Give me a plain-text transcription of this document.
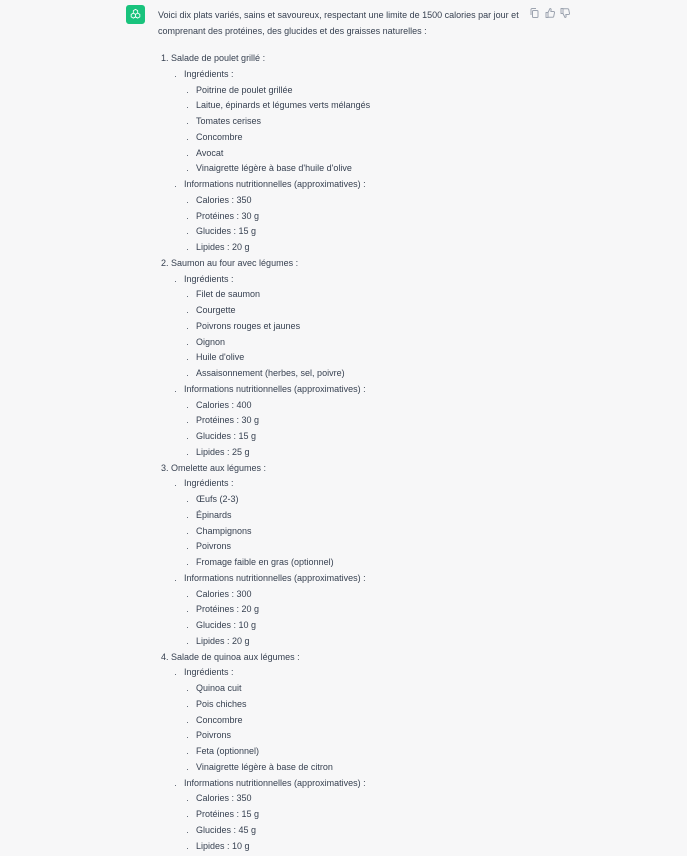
Voici dix plats variés, sains et savoureux, respectant une limite de 1500 calories par jour et comprenant des protéines, des glucides et des graisses naturelles :

1. Salade de poulet grillé :
• Ingrédients :
• Poitrine de poulet grillée
• Laitue, épinards et légumes verts mélangés
• Tomates cerises
• Concombre
• Avocat
• Vinaigrette légère à base d'huile d'olive
• Informations nutritionnelles (approximatives) :
• Calories : 350
• Protéines : 30 g
• Glucides : 15 g
• Lipides : 20 g
2. Saumon au four avec légumes :
• Ingrédients :
• Filet de saumon
• Courgette
• Poivrons rouges et jaunes
• Oignon
• Huile d'olive
• Assaisonnement (herbes, sel, poivre)
• Informations nutritionnelles (approximatives) :
• Calories : 400
• Protéines : 30 g
• Glucides : 15 g
• Lipides : 25 g
3. Omelette aux légumes :
• Ingrédients :
• Œufs (2-3)
• Épinards
• Champignons
• Poivrons
• Fromage faible en gras (optionnel)
• Informations nutritionnelles (approximatives) :
• Calories : 300
• Protéines : 20 g
• Glucides : 10 g
• Lipides : 20 g
4. Salade de quinoa aux légumes :
• Ingrédients :
• Quinoa cuit
• Pois chiches
• Concombre
• Poivrons
• Feta (optionnel)
• Vinaigrette légère à base de citron
• Informations nutritionnelles (approximatives) :
• Calories : 350
• Protéines : 15 g
• Glucides : 45 g
• Lipides : 10 g
